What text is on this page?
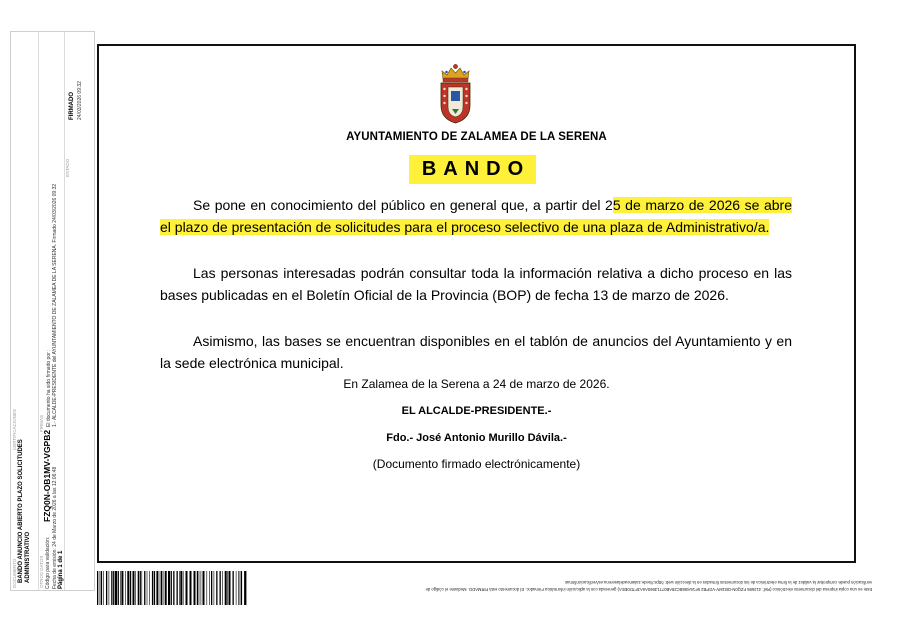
DOCUMENTO BANDO ANUNCIO ABIERTO PLAZO SOLICITUDES ADMINISTRATIVO
CERTIFICACIONES
OTROS DATOS Código para validación:
FZQ0N-OB1MV-VGPB2 Fecha de emisión: 24 de Marzo de 2026 a las 12:06:48 Página 1 de 1
FIRMAS El documento ha sido firmado por : 1.- ALCALDE-PRESIDENTE del AYUNTAMIENTO DE ZALAMEA DE LA SERENA. Firmado 24/03/2026 09:32
ESTADO
FIRMADO 24/03/2026 09:32
AYUNTAMIENTO DE ZALAMEA DE LA SERENA
BANDO
Se pone en conocimiento del público en general que, a partir del 25 de marzo de 2026 se abre el plazo de presentación de solicitudes para el proceso selectivo de una plaza de Administrativo/a.
Las personas interesadas podrán consultar toda la información relativa a dicho proceso en las bases publicadas en el Boletín Oficial de la Provincia (BOP) de fecha 13 de marzo de 2026.
Asimismo, las bases se encuentran disponibles en el tablón de anuncios del Ayuntamiento y en la sede electrónica municipal.
En Zalamea de la Serena a 24 de marzo de 2026.
EL ALCALDE-PRESIDENTE.-
Fdo.- José Antonio Murillo Dávila.-
(Documento firmado electrónicamente)
Este es una copia impresa del documento electrónico (Ref: 412686 FZQ0N-OB1MV-VGPB2 5F16AB6BC28AB07713960A6A3F7D0EEA) generada con la aplicación informática Firmadoc. El documento está FIRMADO. Mediante el código de
verificación puede comprobar la validez de la firma electrónica de los documentos firmados en la dirección web: https://sede.zalameadelaserena.es/verificacionfirmas
